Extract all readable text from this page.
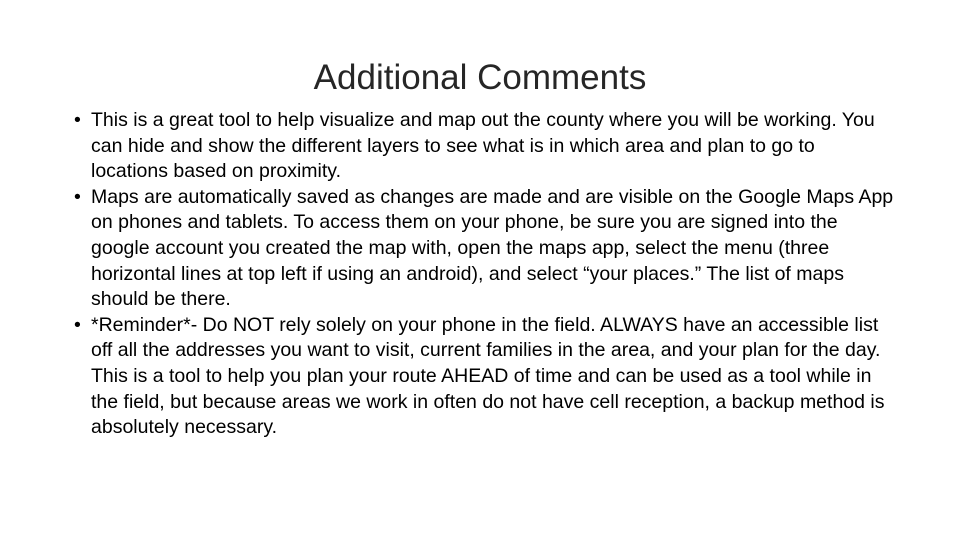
Additional Comments
• This is a great tool to help visualize and map out the county where you will be working. You can hide and show the different layers to see what is in which area and plan to go to locations based on proximity.
• Maps are automatically saved as changes are made and are visible on the Google Maps App on phones and tablets. To access them on your phone, be sure you are signed into the google account you created the map with, open the maps app, select the menu (three horizontal lines at top left if using an android), and select “your places.” The list of maps should be there.
• *Reminder*- Do NOT rely solely on your phone in the field. ALWAYS have an accessible list off all the addresses you want to visit, current families in the area, and your plan for the day. This is a tool to help you plan your route AHEAD of time and can be used as a tool while in the field, but because areas we work in often do not have cell reception, a backup method is absolutely necessary.
